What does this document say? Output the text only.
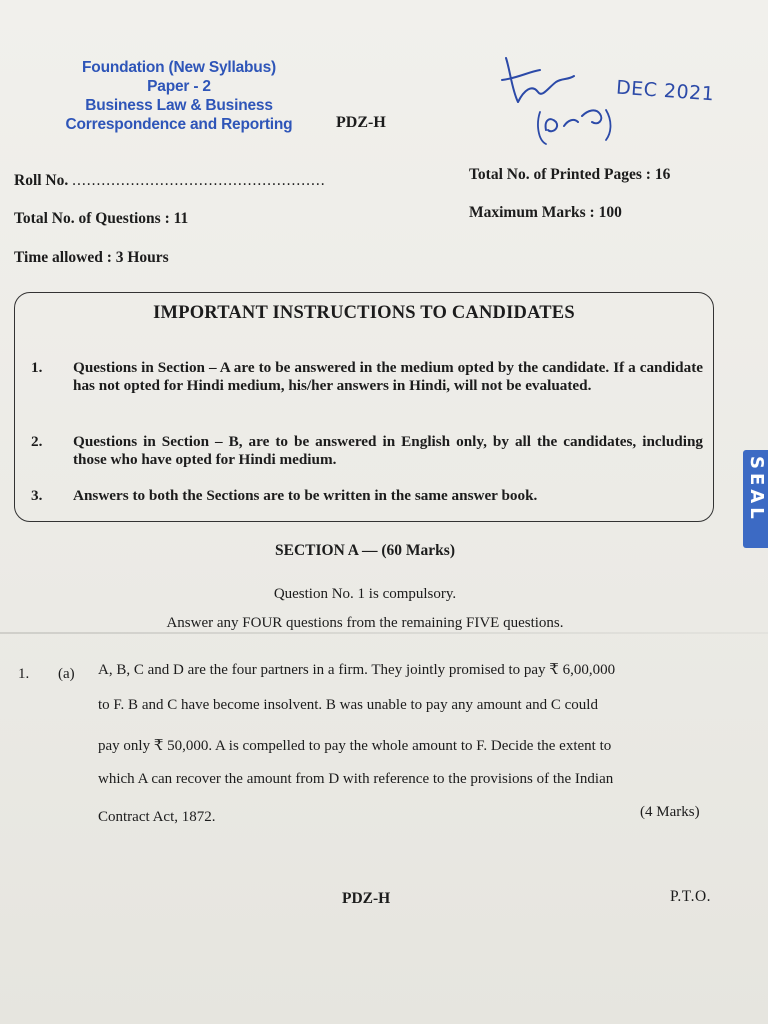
Foundation (New Syllabus)
Paper - 2
Business Law & Business
Correspondence and Reporting	PDZ-H
DEC 2021
Roll No. ....................................................	Total No. of Printed Pages : 16
Total No. of Questions : 11	Maximum Marks : 100
Time allowed : 3 Hours
IMPORTANT INSTRUCTIONS TO CANDIDATES
1. Questions in Section – A are to be answered in the medium opted by the candidate. If a candidate has not opted for Hindi medium, his/her answers in Hindi, will not be evaluated.
2. Questions in Section – B, are to be answered in English only, by all the candidates, including those who have opted for Hindi medium.
3. Answers to both the Sections are to be written in the same answer book.	SEAL
SECTION A — (60 Marks)
Question No. 1 is compulsory.
Answer any FOUR questions from the remaining FIVE questions.
1. (a) A, B, C and D are the four partners in a firm. They jointly promised to pay ₹ 6,00,000
to F. B and C have become insolvent. B was unable to pay any amount and C could
pay only ₹ 50,000. A is compelled to pay the whole amount to F. Decide the extent to
which A can recover the amount from D with reference to the provisions of the Indian
Contract Act, 1872.	(4 Marks)
PDZ-H	P.T.O.
